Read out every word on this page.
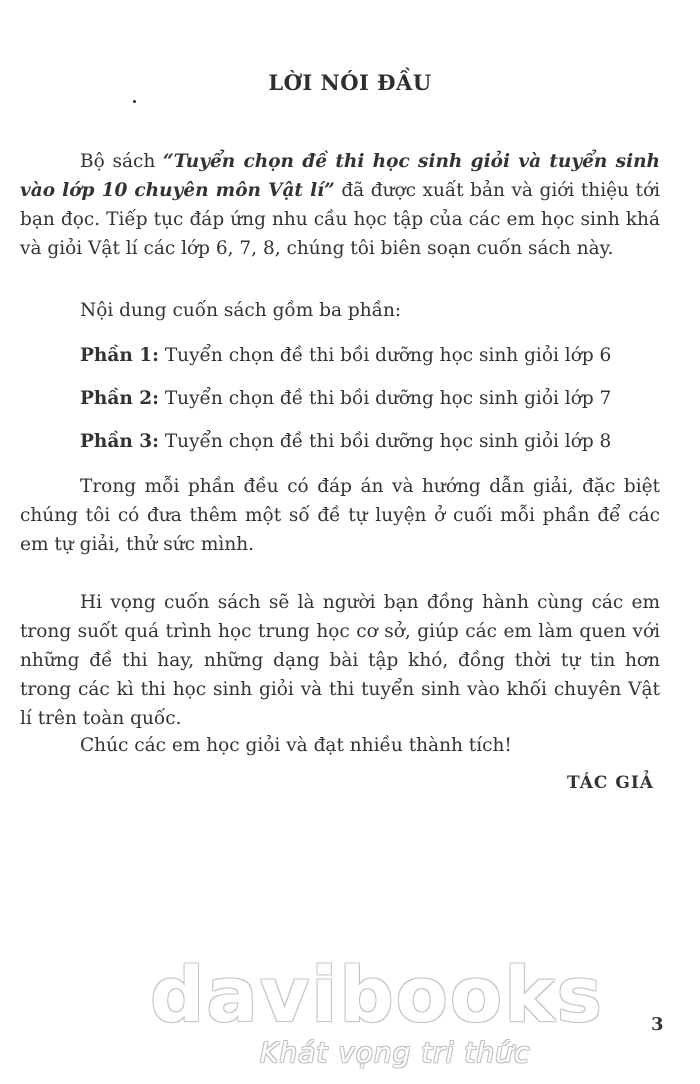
LỜI NÓI ĐẦU

Bộ sách “Tuyển chọn đề thi học sinh giỏi và tuyển sinh vào lớp 10 chuyên môn Vật lí” đã được xuất bản và giới thiệu tới bạn đọc. Tiếp tục đáp ứng nhu cầu học tập của các em học sinh khá và giỏi Vật lí các lớp 6, 7, 8, chúng tôi biên soạn cuốn sách này.

Nội dung cuốn sách gồm ba phần:
Phần 1: Tuyển chọn đề thi bồi dưỡng học sinh giỏi lớp 6
Phần 2: Tuyển chọn đề thi bồi dưỡng học sinh giỏi lớp 7
Phần 3: Tuyển chọn đề thi bồi dưỡng học sinh giỏi lớp 8

Trong mỗi phần đều có đáp án và hướng dẫn giải, đặc biệt chúng tôi có đưa thêm một số đề tự luyện ở cuối mỗi phần để các em tự giải, thử sức mình.

Hi vọng cuốn sách sẽ là người bạn đồng hành cùng các em trong suốt quá trình học trung học cơ sở, giúp các em làm quen với những đề thi hay, những dạng bài tập khó, đồng thời tự tin hơn trong các kì thi học sinh giỏi và thi tuyển sinh vào khối chuyên Vật lí trên toàn quốc.

Chúc các em học giỏi và đạt nhiều thành tích!
TÁC GIẢ
davibooks
Khát vọng tri thức
3
